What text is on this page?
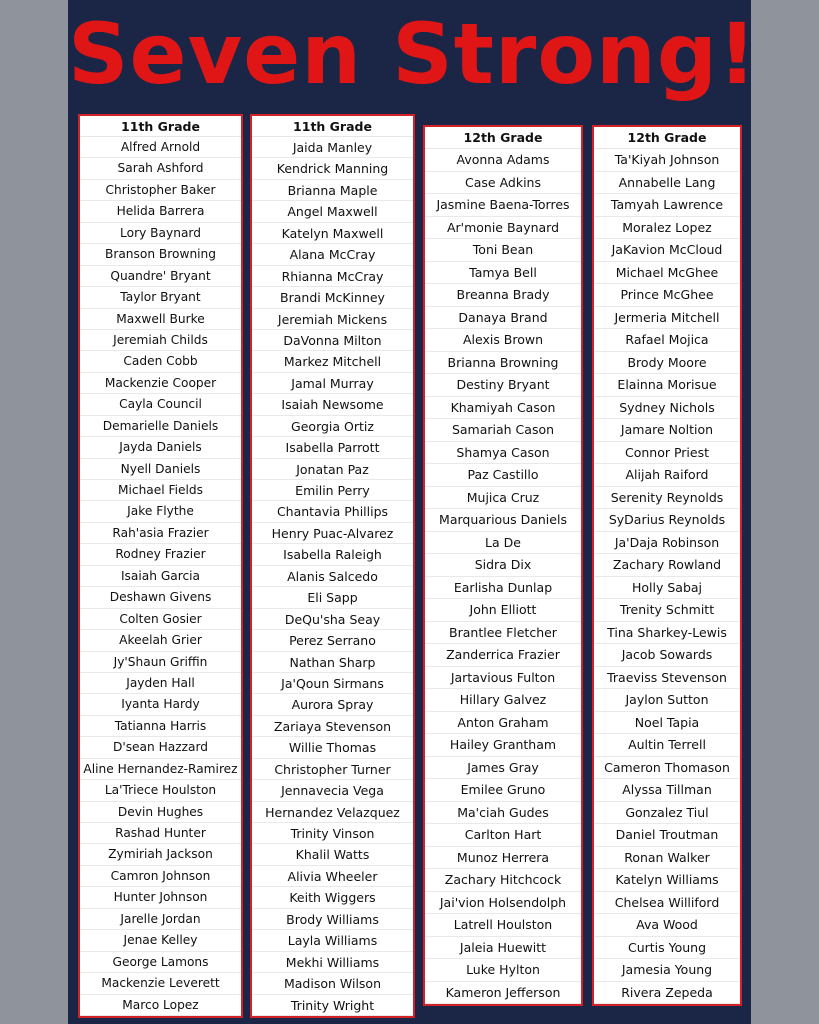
Seven Strong!
11th Grade
Alfred Arnold
Sarah Ashford
Christopher Baker
Helida Barrera
Lory Baynard
Branson Browning
Quandre' Bryant
Taylor Bryant
Maxwell Burke
Jeremiah Childs
Caden Cobb
Mackenzie Cooper
Cayla Council
Demarielle Daniels
Jayda Daniels
Nyell Daniels
Michael Fields
Jake Flythe
Rah'asia Frazier
Rodney Frazier
Isaiah Garcia
Deshawn Givens
Colten Gosier
Akeelah Grier
Jy'Shaun Griffin
Jayden Hall
Iyanta Hardy
Tatianna Harris
D'sean Hazzard
Aline Hernandez-Ramirez
La'Triece Houlston
Devin Hughes
Rashad Hunter
Zymiriah Jackson
Camron Johnson
Hunter Johnson
Jarelle Jordan
Jenae Kelley
George Lamons
Mackenzie Leverett
Marco Lopez
11th Grade
Jaida Manley
Kendrick Manning
Brianna Maple
Angel Maxwell
Katelyn Maxwell
Alana McCray
Rhianna McCray
Brandi McKinney
Jeremiah Mickens
DaVonna Milton
Markez Mitchell
Jamal Murray
Isaiah Newsome
Georgia Ortiz
Isabella Parrott
Jonatan Paz
Emilin Perry
Chantavia Phillips
Henry Puac-Alvarez
Isabella Raleigh
Alanis Salcedo
Eli Sapp
DeQu'sha Seay
Perez Serrano
Nathan Sharp
Ja'Qoun Sirmans
Aurora Spray
Zariaya Stevenson
Willie Thomas
Christopher Turner
Jennavecia Vega
Hernandez Velazquez
Trinity Vinson
Khalil Watts
Alivia Wheeler
Keith Wiggers
Brody Williams
Layla Williams
Mekhi Williams
Madison Wilson
Trinity Wright
12th Grade
Avonna Adams
Case Adkins
Jasmine Baena-Torres
Ar'monie Baynard
Toni Bean
Tamya Bell
Breanna Brady
Danaya Brand
Alexis Brown
Brianna Browning
Destiny Bryant
Khamiyah Cason
Samariah Cason
Shamya Cason
Paz Castillo
Mujica Cruz
Marquarious Daniels
La De
Sidra Dix
Earlisha Dunlap
John Elliott
Brantlee Fletcher
Zanderrica Frazier
Jartavious Fulton
Hillary Galvez
Anton Graham
Hailey Grantham
James Gray
Emilee Gruno
Ma'ciah Gudes
Carlton Hart
Munoz Herrera
Zachary Hitchcock
Jai'vion Holsendolph
Latrell Houlston
Jaleia Huewitt
Luke Hylton
Kameron Jefferson
12th Grade
Ta'Kiyah Johnson
Annabelle Lang
Tamyah Lawrence
Moralez Lopez
JaKavion McCloud
Michael McGhee
Prince McGhee
Jermeria Mitchell
Rafael Mojica
Brody Moore
Elainna Morisue
Sydney Nichols
Jamare Noltion
Connor Priest
Alijah Raiford
Serenity Reynolds
SyDarius Reynolds
Ja'Daja Robinson
Zachary Rowland
Holly Sabaj
Trenity Schmitt
Tina Sharkey-Lewis
Jacob Sowards
Traeviss Stevenson
Jaylon Sutton
Noel Tapia
Aultin Terrell
Cameron Thomason
Alyssa Tillman
Gonzalez Tiul
Daniel Troutman
Ronan Walker
Katelyn Williams
Chelsea Williford
Ava Wood
Curtis Young
Jamesia Young
Rivera Zepeda
